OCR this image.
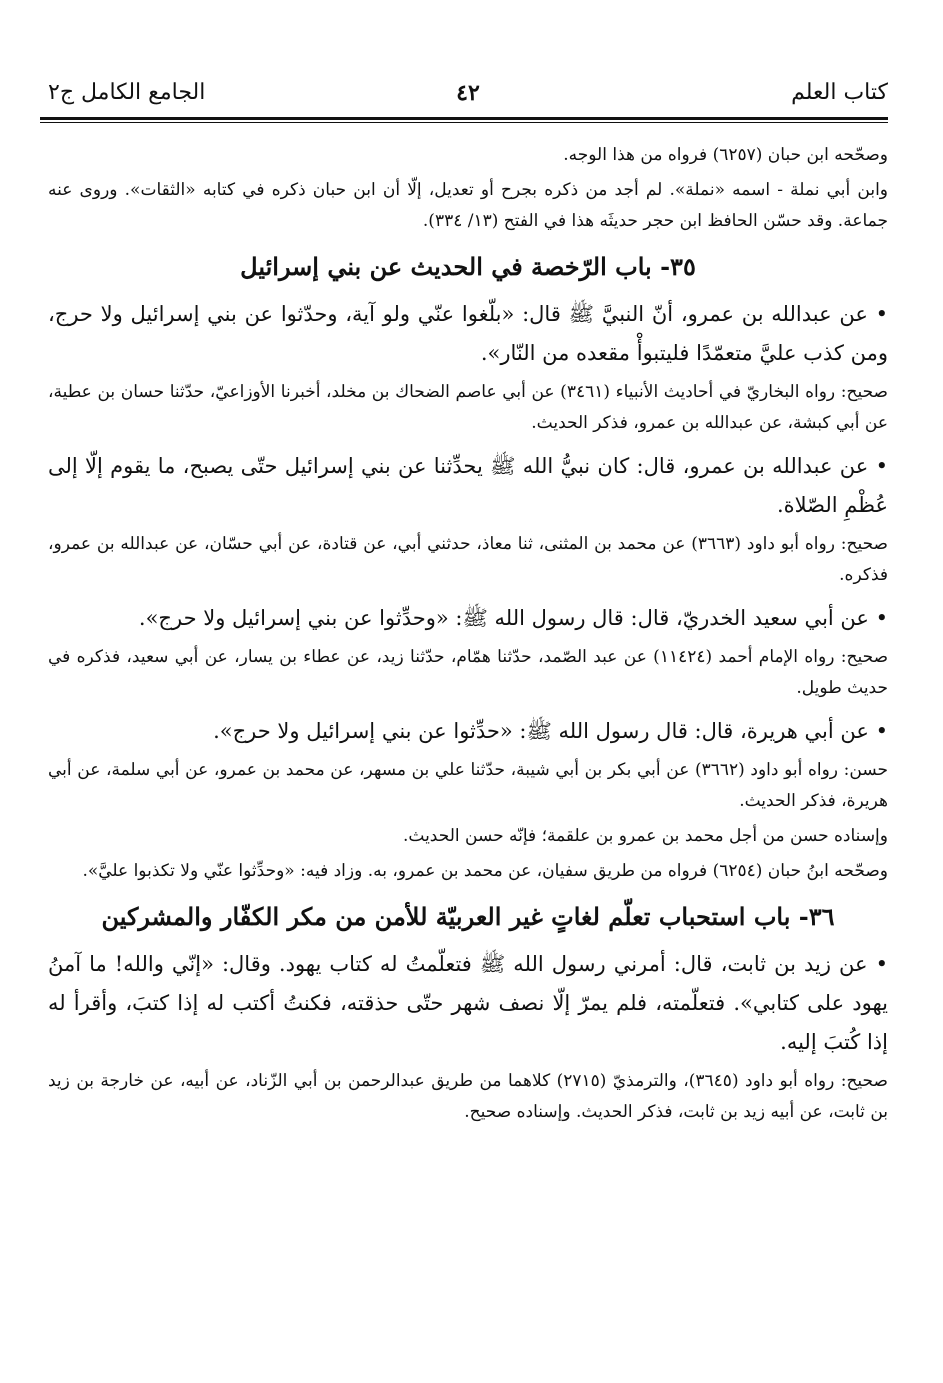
كتاب العلم
٤٢
الجامع الكامل ج٢

وصحّحه ابن حبان (٦٢٥٧) فرواه من هذا الوجه.

وابن أبي نملة - اسمه «نملة». لم أجد من ذكره بجرح أو تعديل، إلّا أن ابن حبان ذكره في كتابه «الثقات». وروى عنه جماعة. وقد حسّن الحافظ ابن حجر حديثَه هذا في الفتح (١٣/ ٣٣٤).

٣٥- باب الرّخصة في الحديث عن بني إسرائيل

• عن عبدالله بن عمرو، أنّ النبيَّ ﷺ قال: «بلّغوا عنّي ولو آية، وحدّثوا عن بني إسرائيل ولا حرج، ومن كذب عليَّ متعمّدًا فليتبوأْ مقعده من النّار».

صحيح: رواه البخاريّ في أحاديث الأنبياء (٣٤٦١) عن أبي عاصم الضحاك بن مخلد، أخبرنا الأوزاعيّ، حدّثنا حسان بن عطية، عن أبي كبشة، عن عبدالله بن عمرو، فذكر الحديث.

• عن عبدالله بن عمرو، قال: كان نبيُّ الله ﷺ يحدِّثنا عن بني إسرائيل حتّى يصبح، ما يقوم إلّا إلى عُظْمِ الصّلاة.

صحيح: رواه أبو داود (٣٦٦٣) عن محمد بن المثنى، ثنا معاذ، حدثني أبي، عن قتادة، عن أبي حسّان، عن عبدالله بن عمرو، فذكره.

• عن أبي سعيد الخدريّ، قال: قال رسول الله ﷺ: «وحدِّثوا عن بني إسرائيل ولا حرج».

صحيح: رواه الإمام أحمد (١١٤٢٤) عن عبد الصّمد، حدّثنا همّام، حدّثنا زيد، عن عطاء بن يسار، عن أبي سعيد، فذكره في حديث طويل.

• عن أبي هريرة، قال: قال رسول الله ﷺ: «حدِّثوا عن بني إسرائيل ولا حرج».

حسن: رواه أبو داود (٣٦٦٢) عن أبي بكر بن أبي شيبة، حدّثنا علي بن مسهر، عن محمد بن عمرو، عن أبي سلمة، عن أبي هريرة، فذكر الحديث.

وإسناده حسن من أجل محمد بن عمرو بن علقمة؛ فإنّه حسن الحديث.

وصحّحه ابنُ حبان (٦٢٥٤) فرواه من طريق سفيان، عن محمد بن عمرو، به. وزاد فيه: «وحدِّثوا عنّي ولا تكذبوا عليَّ».

٣٦- باب استحباب تعلّم لغاتٍ غير العربيّة للأمن من مكر الكفّار والمشركين

• عن زيد بن ثابت، قال: أمرني رسول الله ﷺ فتعلّمتُ له كتاب يهود. وقال: «إنّي والله! ما آمنُ يهود على كتابي». فتعلّمته، فلم يمرّ إلّا نصف شهر حتّى حذقته، فكنتُ أكتب له إذا كتبَ، وأقرأ له إذا كُتبَ إليه.

صحيح: رواه أبو داود (٣٦٤٥)، والترمذيّ (٢٧١٥) كلاهما من طريق عبدالرحمن بن أبي الزّناد، عن أبيه، عن خارجة بن زيد بن ثابت، عن أبيه زيد بن ثابت، فذكر الحديث. وإسناده صحيح.
